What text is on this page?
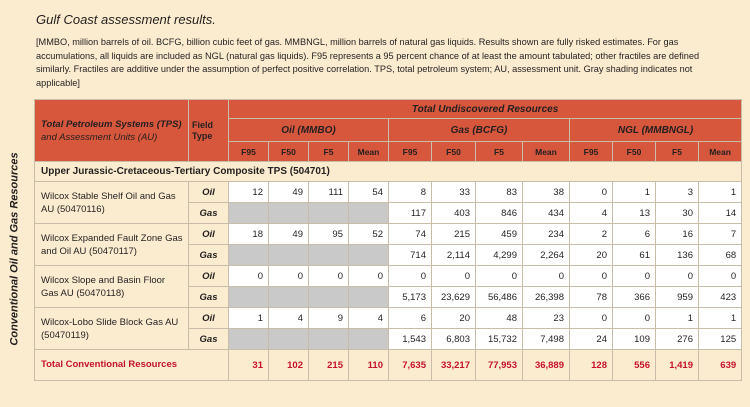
Gulf Coast assessment results.
[MMBO, million barrels of oil. BCFG, billion cubic feet of gas. MMBNGL, million barrels of natural gas liquids. Results shown are fully risked estimates. For gas accumulations, all liquids are included as NGL (natural gas liquids). F95 represents a 95 percent chance of at least the amount tabulated; other fractiles are defined similarly. Fractiles are additive under the assumption of perfect positive correlation. TPS, total petroleum system; AU, assessment unit. Gray shading indicates not applicable]
Conventional Oil and Gas Resources
Total Petroleum Systems (TPS)
and Assessment Units (AU)	Field Type	Total Undiscovered Resources											
		Oil (MMBO)				Gas (BCFG)				NGL (MMBNGL)			
		F95	F50	F5	Mean	F95	F50	F5	Mean	F95	F50	F5	Mean
Upper Jurassic-Cretaceous-Tertiary Composite TPS (504701)													
Wilcox Stable Shelf Oil and Gas AU (50470116)	Oil	12	49	111	54	8	33	83	38	0	1	3	1
	Gas					117	403	846	434	4	13	30	14
Wilcox Expanded Fault Zone Gas and Oil AU (50470117)	Oil	18	49	95	52	74	215	459	234	2	6	16	7
	Gas					714	2,114	4,299	2,264	20	61	136	68
Wilcox Slope and Basin Floor Gas AU (50470118)	Oil	0	0	0	0	0	0	0	0	0	0	0	0
	Gas					5,173	23,629	56,486	26,398	78	366	959	423
Wilcox-Lobo Slide Block Gas AU (50470119)	Oil	1	4	9	4	6	20	48	23	0	0	1	1
	Gas					1,543	6,803	15,732	7,498	24	109	276	125
Total Conventional Resources		31	102	215	110	7,635	33,217	77,953	36,889	128	556	1,419	639
